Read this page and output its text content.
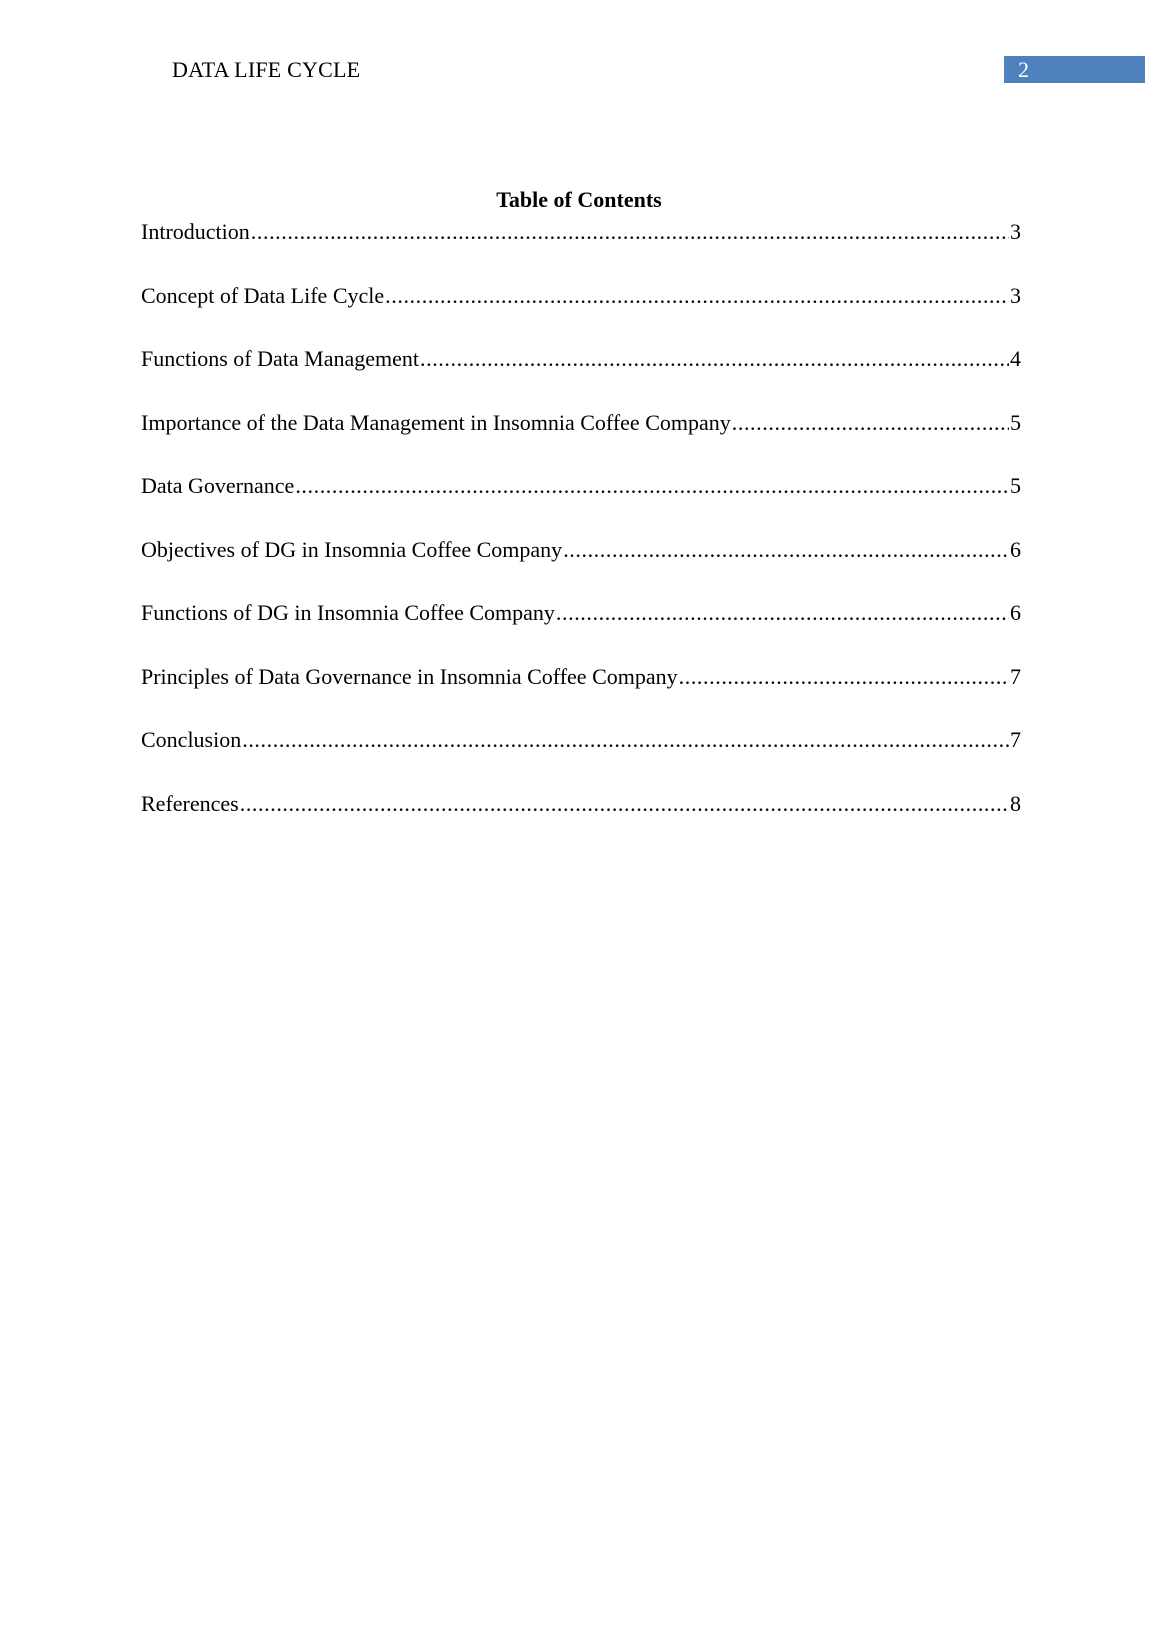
DATA LIFE CYCLE	2
Table of Contents
Introduction .....	3
Concept of Data Life Cycle .....	3
Functions of Data Management .....	4
Importance of the Data Management in Insomnia Coffee Company .....	5
Data Governance .....	5
Objectives of DG in Insomnia Coffee Company .....	6
Functions of DG in Insomnia Coffee Company .....	6
Principles of Data Governance in Insomnia Coffee Company .....	7
Conclusion .....	7
References .....	8
